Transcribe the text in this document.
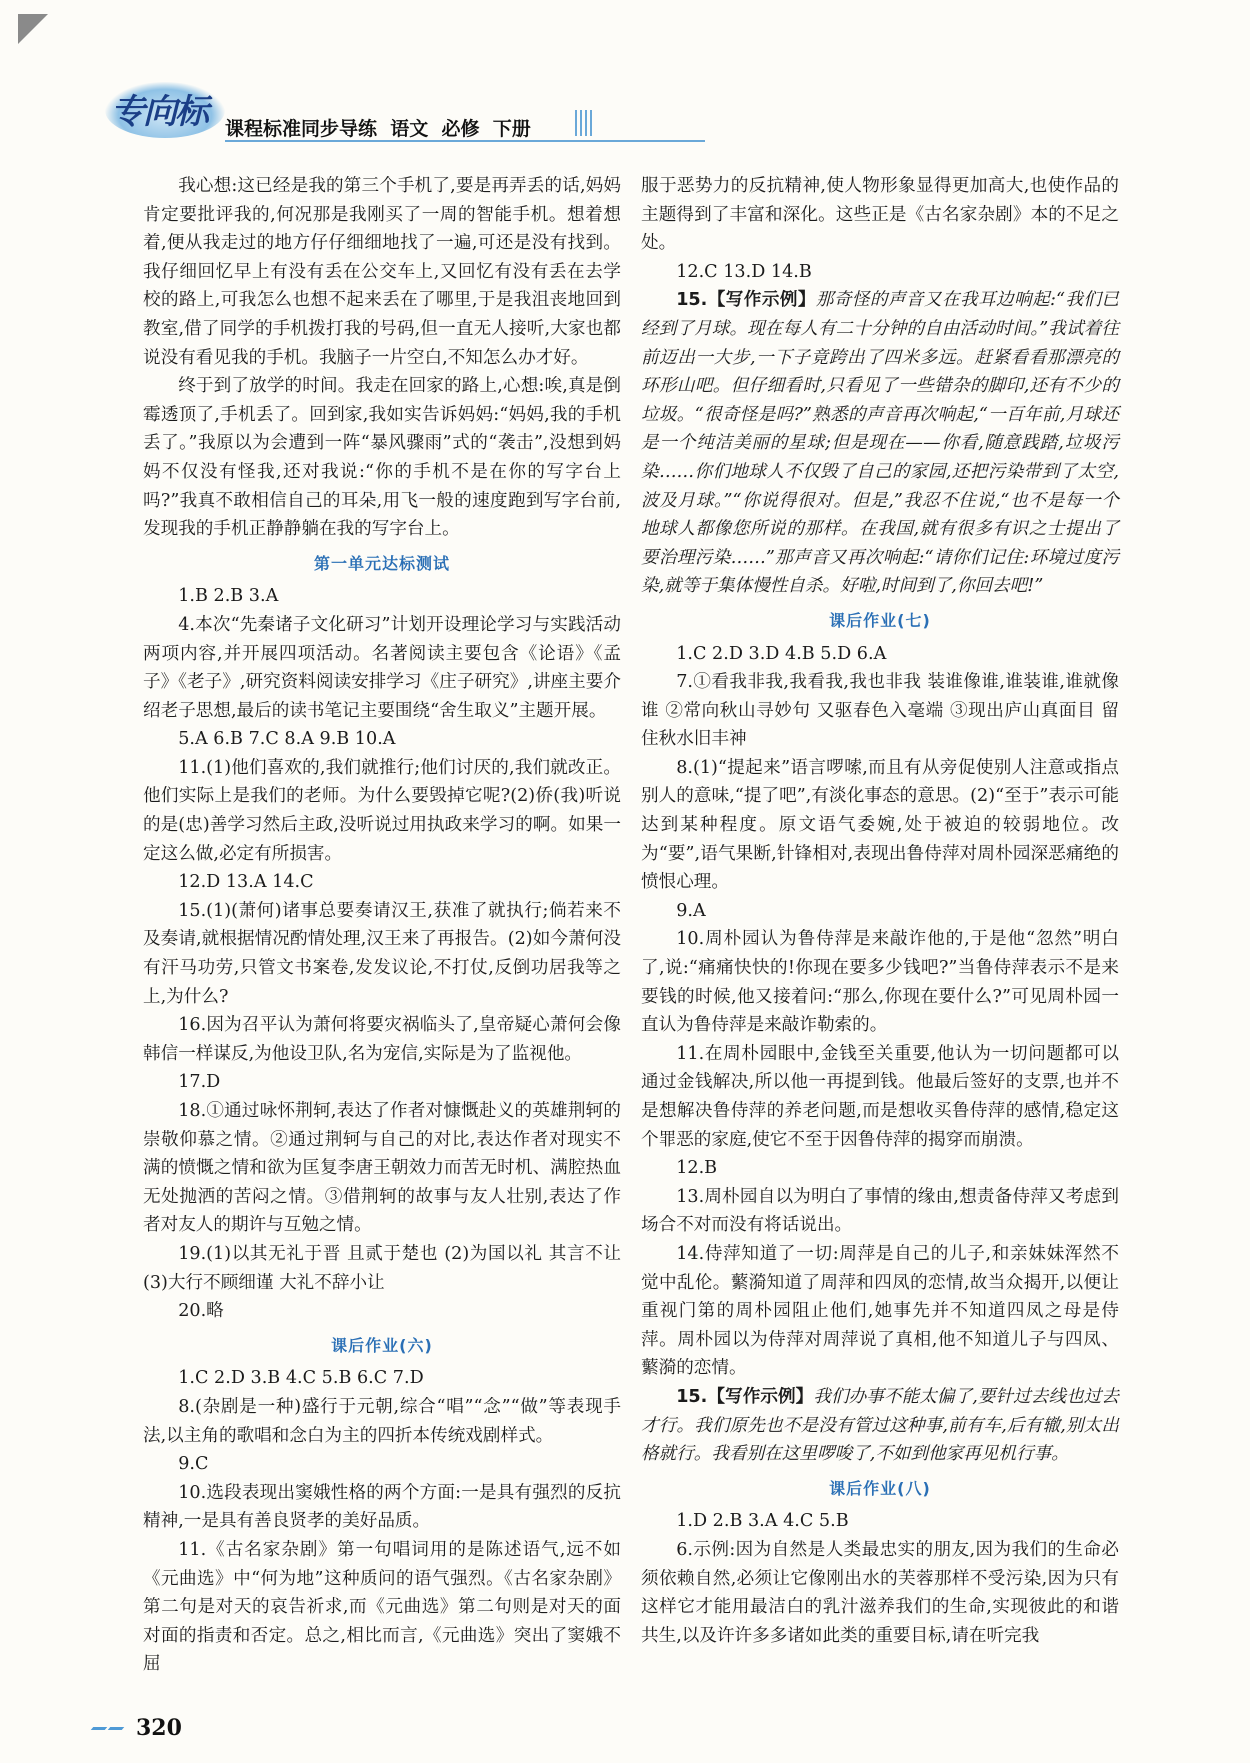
专向标 课程标准同步导练  语文  必修  下册

我心想:这已经是我的第三个手机了,要是再弄丢的话,妈妈肯定要批评我的,何况那是我刚买了一周的智能手机。想着想着,便从我走过的地方仔仔细细地找了一遍,可还是没有找到。我仔细回忆早上有没有丢在公交车上,又回忆有没有丢在去学校的路上,可我怎么也想不起来丢在了哪里,于是我沮丧地回到教室,借了同学的手机拨打我的号码,但一直无人接听,大家也都说没有看见我的手机。我脑子一片空白,不知怎么办才好。

终于到了放学的时间。我走在回家的路上,心想:唉,真是倒霉透顶了,手机丢了。回到家,我如实告诉妈妈:“妈妈,我的手机丢了。”我原以为会遭到一阵“暴风骤雨”式的“袭击”,没想到妈妈不仅没有怪我,还对我说:“你的手机不是在你的写字台上吗?”我真不敢相信自己的耳朵,用飞一般的速度跑到写字台前,发现我的手机正静静躺在我的写字台上。

第一单元达标测试

1.B 2.B 3.A

4.本次“先秦诸子文化研习”计划开设理论学习与实践活动两项内容,并开展四项活动。名著阅读主要包含《论语》《孟子》《老子》,研究资料阅读安排学习《庄子研究》,讲座主要介绍老子思想,最后的读书笔记主要围绕“舍生取义”主题开展。

5.A 6.B 7.C 8.A 9.B 10.A

11.(1)他们喜欢的,我们就推行;他们讨厌的,我们就改正。他们实际上是我们的老师。为什么要毁掉它呢?(2)侨(我)听说的是(忠)善学习然后主政,没听说过用执政来学习的啊。如果一定这么做,必定有所损害。

12.D 13.A 14.C

15.(1)(萧何)诸事总要奏请汉王,获准了就执行;倘若来不及奏请,就根据情况酌情处理,汉王来了再报告。(2)如今萧何没有汗马功劳,只管文书案卷,发发议论,不打仗,反倒功居我等之上,为什么?

16.因为召平认为萧何将要灾祸临头了,皇帝疑心萧何会像韩信一样谋反,为他设卫队,名为宠信,实际是为了监视他。

17.D

18.①通过咏怀荆轲,表达了作者对慷慨赴义的英雄荆轲的崇敬仰慕之情。②通过荆轲与自己的对比,表达作者对现实不满的愤慨之情和欲为匡复李唐王朝效力而苦无时机、满腔热血无处抛洒的苦闷之情。③借荆轲的故事与友人壮别,表达了作者对友人的期许与互勉之情。

19.(1)以其无礼于晋 且贰于楚也 (2)为国以礼 其言不让 (3)大行不顾细谨 大礼不辞小让

20.略

课后作业(六)

1.C 2.D 3.B 4.C 5.B 6.C 7.D

8.(杂剧是一种)盛行于元朝,综合“唱”“念”“做”等表现手法,以主角的歌唱和念白为主的四折本传统戏剧样式。

9.C

10.选段表现出窦娥性格的两个方面:一是具有强烈的反抗精神,一是具有善良贤孝的美好品质。

11.《古名家杂剧》第一句唱词用的是陈述语气,远不如《元曲选》中“何为地”这种质问的语气强烈。《古名家杂剧》第二句是对天的哀告祈求,而《元曲选》第二句则是对天的面对面的指责和否定。总之,相比而言,《元曲选》突出了窦娥不屈

服于恶势力的反抗精神,使人物形象显得更加高大,也使作品的主题得到了丰富和深化。这些正是《古名家杂剧》本的不足之处。

12.C 13.D 14.B

15.【写作示例】那奇怪的声音又在我耳边响起:“我们已经到了月球。现在每人有二十分钟的自由活动时间。”我试着往前迈出一大步,一下子竟跨出了四米多远。赶紧看看那漂亮的环形山吧。但仔细看时,只看见了一些错杂的脚印,还有不少的垃圾。“很奇怪是吗?”熟悉的声音再次响起,“一百年前,月球还是一个纯洁美丽的星球;但是现在——你看,随意践踏,垃圾污染……你们地球人不仅毁了自己的家园,还把污染带到了太空,波及月球。”“你说得很对。但是,”我忍不住说,“也不是每一个地球人都像您所说的那样。在我国,就有很多有识之士提出了要治理污染……”那声音又再次响起:“请你们记住:环境过度污染,就等于集体慢性自杀。好啦,时间到了,你回去吧!”

课后作业(七)

1.C 2.D 3.D 4.B 5.D 6.A

7.①看我非我,我看我,我也非我 装谁像谁,谁装谁,谁就像谁 ②常向秋山寻妙句 又驱春色入毫端 ③现出庐山真面目 留住秋水旧丰神

8.(1)“提起来”语言啰嗦,而且有从旁促使别人注意或指点别人的意味,“提了吧”,有淡化事态的意思。(2)“至于”表示可能达到某种程度。原文语气委婉,处于被迫的较弱地位。改为“要”,语气果断,针锋相对,表现出鲁侍萍对周朴园深恶痛绝的愤恨心理。

9.A

10.周朴园认为鲁侍萍是来敲诈他的,于是他“忽然”明白了,说:“痛痛快快的!你现在要多少钱吧?”当鲁侍萍表示不是来要钱的时候,他又接着问:“那么,你现在要什么?”可见周朴园一直认为鲁侍萍是来敲诈勒索的。

11.在周朴园眼中,金钱至关重要,他认为一切问题都可以通过金钱解决,所以他一再提到钱。他最后签好的支票,也并不是想解决鲁侍萍的养老问题,而是想收买鲁侍萍的感情,稳定这个罪恶的家庭,使它不至于因鲁侍萍的揭穿而崩溃。

12.B

13.周朴园自以为明白了事情的缘由,想责备侍萍又考虑到场合不对而没有将话说出。

14.侍萍知道了一切:周萍是自己的儿子,和亲妹妹浑然不觉中乱伦。蘩漪知道了周萍和四凤的恋情,故当众揭开,以便让重视门第的周朴园阻止他们,她事先并不知道四凤之母是侍萍。周朴园以为侍萍对周萍说了真相,他不知道儿子与四凤、蘩漪的恋情。

15.【写作示例】我们办事不能太偏了,要针过去线也过去才行。我们原先也不是没有管过这种事,前有车,后有辙,别太出格就行。我看别在这里啰唆了,不如到他家再见机行事。

课后作业(八)

1.D 2.B 3.A 4.C 5.B

6.示例:因为自然是人类最忠实的朋友,因为我们的生命必须依赖自然,必须让它像刚出水的芙蓉那样不受污染,因为只有这样它才能用最洁白的乳汁滋养我们的生命,实现彼此的和谐共生,以及许许多多诸如此类的重要目标,请在听完我

320
